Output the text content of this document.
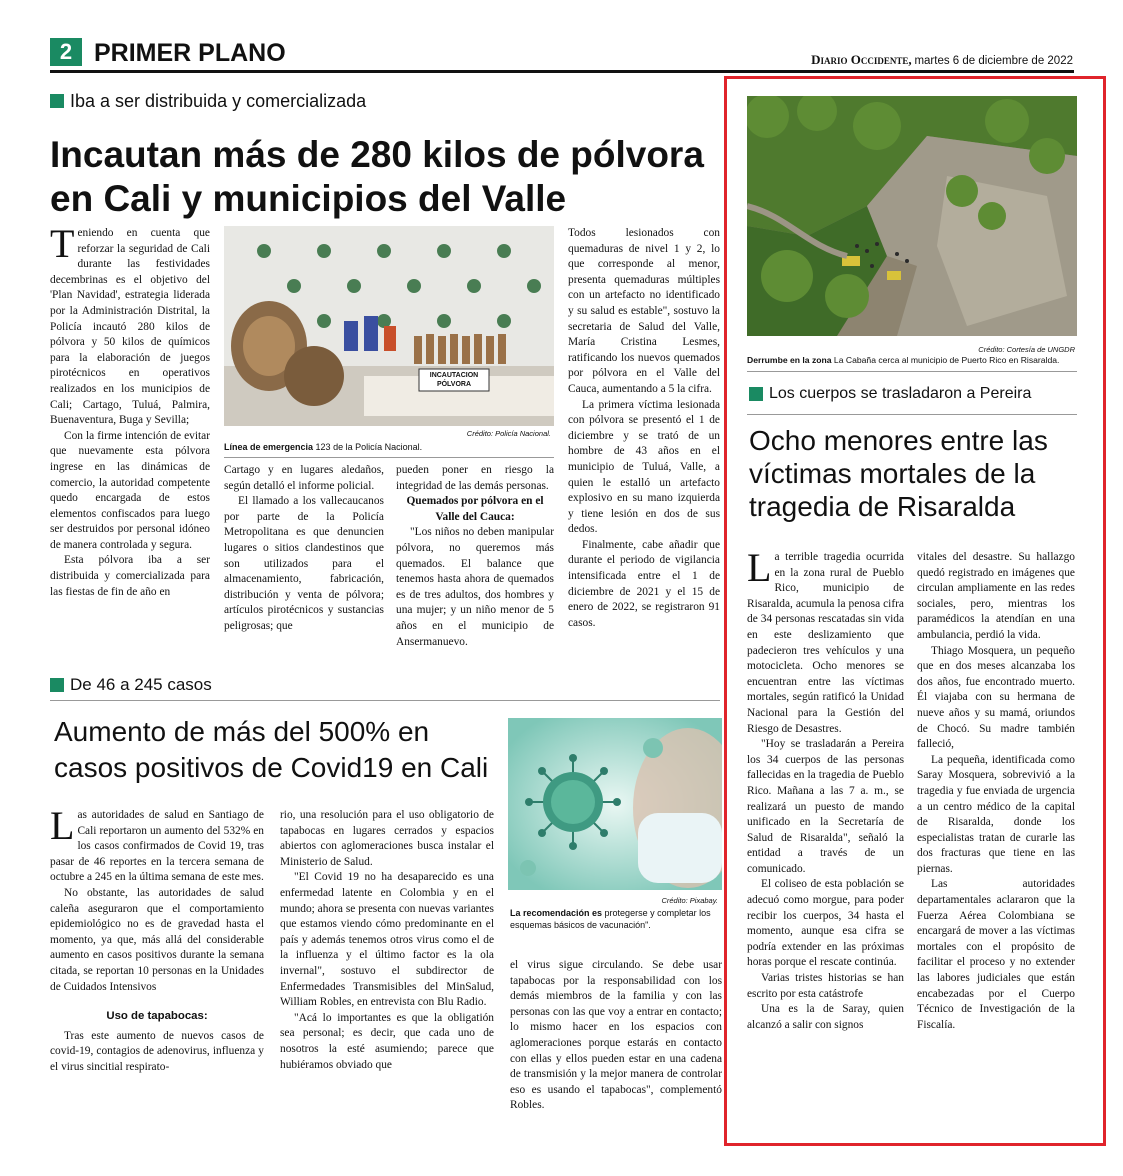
2 PRIMER PLANO	Diario Occidente, martes 6 de diciembre de 2022
Iba a ser distribuida y comercializada
Incautan más de 280 kilos de pólvora
en Cali y municipios del Valle

Teniendo en cuenta que reforzar la seguridad de Cali durante las festividades decembrinas es el objetivo del 'Plan Navidad', estrategia liderada por la Administración Distrital, la Policía incautó 280 kilos de pólvora y 50 kilos de químicos para la elaboración de juegos pirotécnicos en operativos realizados en los municipios de Cali; Cartago, Tuluá, Palmira, Buenaventura, Buga y Sevilla;

Con la firme intención de evitar que nuevamente esta pólvora ingrese en las dinámicas de comercio, la autoridad competente quedo encargada de estos elementos confiscados para luego ser destruidos por personal idóneo de manera controlada y segura.

Esta pólvora iba a ser distribuida y comercializada para las fiestas de fin de año en

INCAUTACION PÓLVORA
Crédito: Policía Nacional.
Línea de emergencia 123 de la Policía Nacional.

Cartago y en lugares aledaños, según detalló el informe policial.

El llamado a los vallecaucanos por parte de la Policía Metropolitana es que denuncien lugares o sitios clandestinos que son utilizados para el almacenamiento, fabricación, distribución y venta de pólvora; artículos pirotécnicos y sustancias peligrosas; que

pueden poner en riesgo la integridad de las demás personas.

Quemados por pólvora en el Valle del Cauca:

"Los niños no deben manipular pólvora, no queremos más quemados. El balance que tenemos hasta ahora de quemados es de tres adultos, dos hombres y una mujer; y un niño menor de 5 años en el municipio de Ansermanuevo.

Todos lesionados con quemaduras de nivel 1 y 2, lo que corresponde al menor, presenta quemaduras múltiples con un artefacto no identificado y su salud es estable", sostuvo la secretaria de Salud del Valle, María Cristina Lesmes, ratificando los nuevos quemados por pólvora en el Valle del Cauca, aumentando a 5 la cifra.

La primera víctima lesionada con pólvora se presentó el 1 de diciembre y se trató de un hombre de 43 años en el municipio de Tuluá, Valle, a quien le estalló un artefacto explosivo en su mano izquierda y tiene lesión en dos de sus dedos.

Finalmente, cabe añadir que durante el periodo de vigilancia intensificada entre el 1 de diciembre de 2021 y el 15 de enero de 2022, se registraron 91 casos.

De 46 a 245 casos
Aumento de más del 500% en
casos positivos de Covid19 en Cali
Crédito: Pixabay.
La recomendación es protegerse y completar los esquemas básicos de vacunación".

Las autoridades de salud en Santiago de Cali reportaron un aumento del 532% en los casos confirmados de Covid 19, tras pasar de 46 reportes en la tercera semana de octubre a 245 en la última semana de este mes.

No obstante, las autoridades de salud caleña aseguraron que el comportamiento epidemiológico no es de gravedad hasta el momento, ya que, más allá del considerable aumento en casos positivos durante la semana citada, se reportan 10 personas en la Unidades de Cuidados Intensivos

Uso de tapabocas:

Tras este aumento de nuevos casos de covid-19, contagios de adenovirus, influenza y el virus sincitial respirato-

rio, una resolución para el uso obligatorio de tapabocas en lugares cerrados y espacios abiertos con aglomeraciones busca instalar el Ministerio de Salud.

"El Covid 19 no ha desaparecido es una enfermedad latente en Colombia y en el mundo; ahora se presenta con nuevas variantes que estamos viendo cómo predominante en el país y además tenemos otros virus como el de la influenza y el último factor es la ola invernal", sostuvo el subdirector de Enfermedades Transmisibles del MinSalud, William Robles, en entrevista con Blu Radio.

"Acá lo importantes es que la obligatión sea personal; es decir, que cada uno de nosotros la esté asumiendo; parece que hubiéramos obviado que

el virus sigue circulando. Se debe usar tapabocas por la responsabilidad con los demás miembros de la familia y con las personas con las que voy a entrar en contacto; lo mismo hacer en los espacios con aglomeraciones porque estarás en contacto con ellas y ellos pueden estar en una cadena de transmisión y la mejor manera de controlar eso es usando el tapabocas", complementó Robles.

Crédito: Cortesía de UNGDR
Derrumbe en la zona La Cabaña cerca al municipio de Puerto Rico en Risaralda.
Los cuerpos se trasladaron a Pereira
Ocho menores entre las
víctimas mortales de la
tragedia de Risaralda

La terrible tragedia ocurrida en la zona rural de Pueblo Rico, municipio de Risaralda, acumula la penosa cifra de 34 personas rescatadas sin vida en este deslizamiento que padecieron tres vehículos y una motocicleta. Ocho menores se encuentran entre las víctimas mortales, según ratificó la Unidad Nacional para la Gestión del Riesgo de Desastres.

"Hoy se trasladarán a Pereira los 34 cuerpos de las personas fallecidas en la tragedia de Pueblo Rico. Mañana a las 7 a. m., se realizará un puesto de mando unificado en la Secretaría de Salud de Risaralda", señaló la entidad a través de un comunicado.

El coliseo de esta población se adecuó como morgue, para poder recibir los cuerpos, 34 hasta el momento, aunque esa cifra se podría extender en las próximas horas porque el rescate continúa.

Varias tristes historias se han escrito por esta catástrofe

Una es la de Saray, quien alcanzó a salir con signos

vitales del desastre. Su hallazgo quedó registrado en imágenes que circulan ampliamente en las redes sociales, pero, mientras los paramédicos la atendían en una ambulancia, perdió la vida.

Thiago Mosquera, un pequeño que en dos meses alcanzaba los dos años, fue encontrado muerto. Él viajaba con su hermana de nueve años y su mamá, oriundos de Chocó. Su madre también falleció,

La pequeña, identificada como Saray Mosquera, sobrevivió a la tragedia y fue enviada de urgencia a un centro médico de la capital de Risaralda, donde los especialistas tratan de curarle las dos fracturas que tiene en las piernas.

Las autoridades departamentales aclararon que la Fuerza Aérea Colombiana se encargará de mover a las víctimas mortales con el propósito de facilitar el proceso y no extender las labores judiciales que están encabezadas por el Cuerpo Técnico de Investigación de la Fiscalía.
